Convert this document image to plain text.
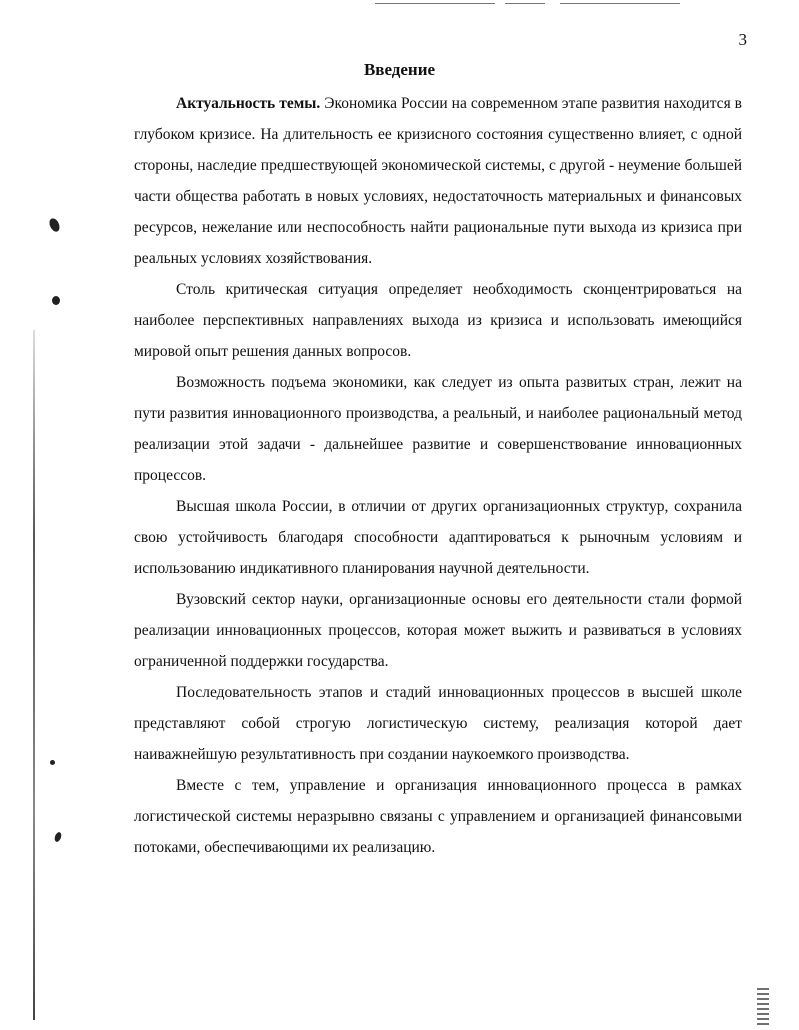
3
Введение

Актуальность темы. Экономика России на современном этапе развития находится в глубоком кризисе. На длительность ее кризисного состояния существенно влияет, с одной стороны, наследие предшествующей экономической системы, с другой - неумение большей части общества работать в новых условиях, недостаточность материальных и финансовых ресурсов, нежелание или неспособность найти рациональные пути выхода из кризиса при реальных условиях хозяйствования.

Столь критическая ситуация определяет необходимость сконцентрироваться на наиболее перспективных направлениях выхода из кризиса и использовать имеющийся мировой опыт решения данных вопросов.

Возможность подъема экономики, как следует из опыта развитых стран, лежит на пути развития инновационного производства, а реальный, и наиболее рациональный метод реализации этой задачи - дальнейшее развитие и совершенствование инновационных процессов.

Высшая школа России, в отличии от других организационных структур, сохранила свою устойчивость благодаря способности адаптироваться к рыночным условиям и использованию индикативного планирования научной деятельности.

Вузовский сектор науки, организационные основы его деятельности стали формой реализации инновационных процессов, которая может выжить и развиваться в условиях ограниченной поддержки государства.

Последовательность этапов и стадий инновационных процессов в высшей школе представляют собой строгую логистическую систему, реализация которой дает наиважнейшую результативность при создании наукоемкого производства.

Вместе с тем, управление и организация инновационного процесса в рамках логистической системы неразрывно связаны с управлением и организацией финансовыми потоками, обеспечивающими их реализацию.
